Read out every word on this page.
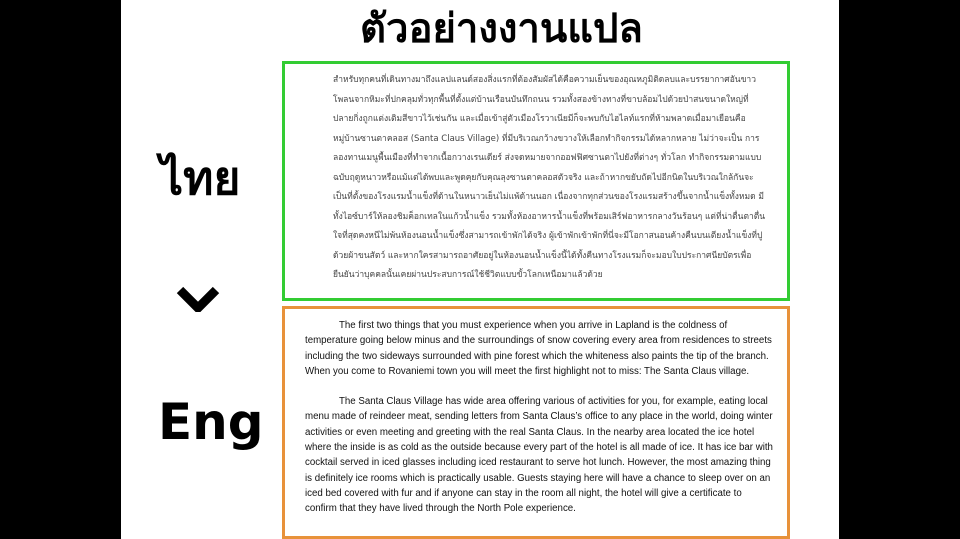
ตัวอย่างงานแปล
ไทย
Eng

สำหรับทุกคนที่เดินทางมาถึงแลปแลนด์สองสิ่งแรกที่ต้องสัมผัสได้คือความเย็นของอุณหภูมิติดลบและบรรยากาศอันขาวโพลนจากหิมะที่ปกคลุมทั่วทุกพื้นที่ตั้งแต่บ้านเรือนบันทึกถนน รวมทั้งสองข้างทางที่ขาบล้อมไปด้วยป่าสนขนาดใหญ่ที่ปลายกิ่งถูกแต่งเติมสีขาวไว้เช่นกัน และเมื่อเข้าสู่ตัวเมืองโรวาเนียมีก็จะพบกับไฮไลท์แรกที่ห้ามพลาดเมื่อมาเยือนคือหมู่บ้านซานตาคลอส (Santa Claus Village) ที่มีบริเวณกว้างขวางให้เลือกทำกิจกรรมได้หลากหลาย ไม่ว่าจะเป็น การลองทานเมนูพื้นเมืองที่ทำจากเนื้อกวางเรนเดียร์ ส่งจดหมายจากออฟฟิศซานตาไปยังที่ต่างๆ ทั่วโลก ทำกิจกรรมตามแบบฉบับฤดูหนาวหรือแม้แต่ได้พบและพูดคุยกับคุณลุงซานตาคลอสตัวจริง และถ้าหากขยับถัดไปอีกนิดในบริเวณใกล้กันจะเป็นที่ตั้งของโรงแรมน้ำแข็งที่ด้านในหนาวเย็นไม่แพ้ด้านนอก เนื่องจากทุกส่วนของโรงแรมสร้างขึ้นจากน้ำแข็งทั้งหมด มีทั้งไอซ์บาร์ให้ลองชิมค็อกเทลในแก้วน้ำแข็ง รวมทั้งห้องอาหารน้ำแข็งที่พร้อมเสิร์ฟอาหารกลางวันร้อนๆ แต่ที่น่าตื่นตาตื่นใจที่สุดคงหนีไม่พ้นห้องนอนน้ำแข็งซึ่งสามารถเข้าพักได้จริง ผู้เข้าพักเข้าพักที่นี่จะมีโอกาสนอนค้างคืนบนเตียงน้ำแข็งที่ปูด้วยผ้าขนสัตว์ และหากใครสามารถอาศัยอยู่ในห้องนอนน้ำแข็งนี้ได้ทั้งคืนทางโรงแรมก็จะมอบใบประกาศนียบัตรเพื่อยืนยันว่าบุคคลนั้นเคยผ่านประสบการณ์ใช้ชีวิตแบบขั้วโลกเหนือมาแล้วด้วย

The first two things that you must experience when you arrive in Lapland is the coldness of temperature going below minus and the surroundings of snow covering every area from residences to streets including the two sideways surrounded with pine forest which the whiteness also paints the tip of the branch. When you come to Rovaniemi town you will meet the first highlight not to miss: The Santa Claus village.

The Santa Claus Village has wide area offering various of activities for you, for example, eating local menu made of reindeer meat, sending letters from Santa Claus’s office to any place in the world, doing winter activities or even meeting and greeting with the real Santa Claus. In the nearby area located the ice hotel where the inside is as cold as the outside because every part of the hotel is all made of ice. It has ice bar with cocktail served in iced glasses including iced restaurant to serve hot lunch. However, the most amazing thing is definitely ice rooms which is practically usable. Guests staying here will have a chance to sleep over on an iced bed covered with fur and if anyone can stay in the room all night, the hotel will give a certificate to confirm that they have lived through the North Pole experience.
